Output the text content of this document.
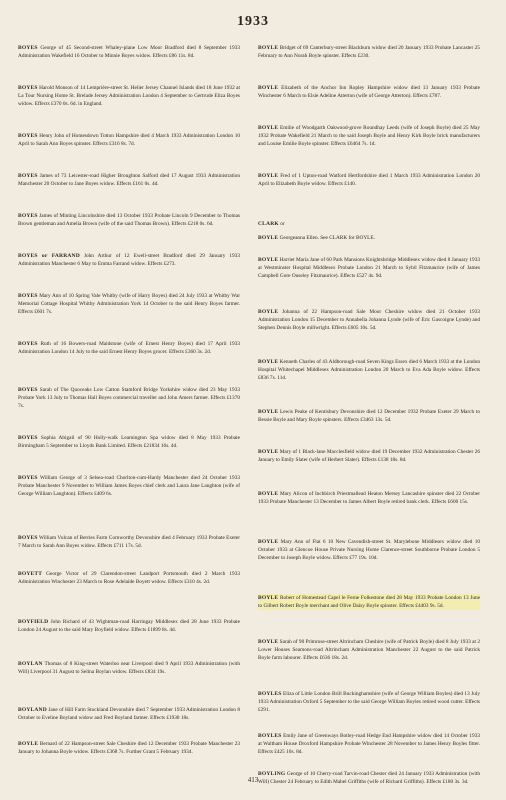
1933
BOYES George of 45 Second-street Whaley-plane Low Moor Bradford died 8 September 1933 Administration Wakefield 16 October to Minnie Boyes widow. Effects £86 11s. 8d.
BOYES Harold Monson of 14 Lemprière-street St. Helier Jersey Channel Islands died 18 June 1932 at La Tour Nursing Home St. Brelade Jersey Administration London 4 September to Gertrude Eliza Boyes widow. Effects £370 0s. 6d. in England.
BOYES Henry John of Homesdown Totton Hampshire died 4 March 1933 Administration London 10 April to Sarah Ann Boyes spinster. Effects £316 8s. 7d.
BOYES James of 73 Leicester-road Higher Broughton Salford died 17 August 1933 Administration Manchester 20 October to Jane Boyes widow. Effects £161 0s. 4d.
BOYES James of Minting Lincolnshire died 13 October 1933 Probate Lincoln 9 December to Thomas Brown gentleman and Amelia Brown (wife of the said Thomas Brown). Effects £218 0s. 6d.
BOYES or FARRAND John Arthur of 12 Ewell-street Bradford died 29 January 1933 Administration Manchester 6 May to Emma Farrand widow. Effects £273.
BOYES Mary Ann of 10 Spring Vale Whitby (wife of Harry Boyes) died 24 July 1933 at Whitby War Memorial Cottage Hospital Whitby Administration York 14 October to the said Henry Boyes farmer. Effects £601 7s.
BOYES Ruth of 16 Bowers-road Maidstone (wife of Ernest Henry Boyes) died 17 April 1933 Administration London 14 July to the said Ernest Henry Boyes grocer. Effects £360 3s. 2d.
BOYES Sarah of The Quoceaks Low Catton Stamford Bridge Yorkshire widow died 23 May 1933 Probate York 13 July to Thomas Hall Boyes commercial traveller and John Amers farmer. Effects £1370 7s.
BOYES Sophia Abigail of 90 Holly-walk Leamington Spa widow died 8 May 1933 Probate Birmingham 5 September to Lloyds Bank Limited. Effects £21834 16s. 4d.
BOYES William George of 3 Selsea-road Chorlton-cum-Hardy Manchester died 24 October 1933 Probate Manchester 9 November to William James Boyes chief clerk and Laura Jane Langhton (wife of George William Langhton). Effects £409 6s.
BOYES William Vulcan of Berries Farm Cornworthy Devonshire died 4 February 1933 Probate Exeter 7 March to Sarah Ann Boyes widow. Effects £711 17s. 5d.
BOYETT George Victor of 29 Clarendon-street Landport Portsmouth died 2 March 1933 Administration Winchester 23 March to Rose Adelaide Boyett widow. Effects £310 4s. 2d.
BOYFIELD John Richard of 43 Wightman-road Harringay Middlesex died 28 June 1933 Probate London 24 August to the said Mary Boyfield widow. Effects £1899 8s. 4d.
BOYLAN Thomas of 8 King-street Waterloo near Liverpool died 9 April 1933 Administration (with Will) Liverpool 31 August to Selina Boylan widow. Effects £834 19s.
BOYLAND Jane of Hill Farm Stockland Devonshire died 7 September 1933 Administration London 8 October to Eveline Boyland widow and Fred Boyland farmer. Effects £1938 18s.
BOYLE Bernard of 22 Hampson-street Sale Cheshire died 12 December 1933 Probate Manchester 23 January to Johanna Boyle widow. Effects £368 7s. Further Grant 5 February 1934.
BOYLE Bridget of 69 Canterbury-street Blackburn widow died 20 January 1933 Probate Lancaster 25 February to Ann Norah Boyle spinster. Effects £230.
BOYLE Elizabeth of the Anchor Inn Ropley Hampshire widow died 13 January 1933 Probate Winchester 6 March to Elsie Adeline Atterton (wife of George Atterton). Effects £787.
BOYLE Emilie of Woodgarth Oakwood-grove Roundhay Leeds (wife of Joseph Boyle) died 25 May 1932 Probate Wakefield 21 March to the said Joseph Boyle and Henry Kirk Boyle brick manufacturers and Louise Emilie Boyle spinster. Effects £6464 7s. 1d.
BOYLE Fred of 1 Upton-road Watford Hertfordshire died 1 March 1933 Administration London 20 April to Elizabeth Boyle widow. Effects £140.
CLARK or
BOYLE Georgeanna Ellen. See CLARK for BOYLE.
BOYLE Harriet Maria Jane of 60 Park Mansions Knightsbridge Middlesex widow died 8 January 1933 at Westminster Hospital Middlesex Probate London 21 March to Sybil Fitzmaurice (wife of James Campbell Gore Ouseley Fitzmaurice). Effects £527 4s. 9d.
BOYLE Johanna of 22 Hampson-road Sale Moor Cheshire widow died 21 October 1933 Administration London 15 December to Annabella Johanna Lynde (wife of Eric Gascoigne Lynde) and Stephen Dennis Boyle millwright. Effects £605 10s. 5d.
BOYLE Kenneth Charles of 43 Aldborough-road Seven Kings Essex died 6 March 1933 at the London Hospital Whitechapel Middlesex Administration London 20 March to Eva Ada Boyle widow. Effects £836 7s. 11d.
BOYLE Lewis Peake of Kentisbury Devonshire died 12 December 1932 Probate Exeter 29 March to Bessie Boyle and Mary Boyle spinsters. Effects £3463 13s. 5d.
BOYLE Mary of 1 Black-lane Macclesfield widow died 19 December 1932 Administration Chester 26 January to Emily Slater (wife of Herbert Slater). Effects £138 18s. 8d.
BOYLE Mary Alicon of Inchbirch Priestmallead Heaton Mersey Lancashire spinster died 22 October 1933 Probate Manchester 13 December to James Albert Boyle retired bank clerk. Effects £600 15s.
BOYLE Mary Ann of Flat 6 10 New Cavendish-street St. Marylebone Middlesex widow died 10 October 1933 at Glencoe House Private Nursing Home Clarence-street Southborne Probate London 5 December to Joseph Boyle widow. Effects £77 19s. 10d.
BOYLE Robert of Homestead Capel le Ferne Folkestone died 28 May 1933 Probate London 13 June to Gilbert Robert Boyle merchant and Olive Daisy Boyle spinster. Effects £4403 9s. 5d.
BOYLE Sarah of 90 Primrose-street Altrincham Cheshire (wife of Patrick Boyle) died 8 July 1933 at 2 Lower Houses Seamons-road Altrincham Administration Manchester 22 August to the said Patrick Boyle farm labourer. Effects £636 18s. 2d.
BOYLES Eliza of Little London Brill Buckinghamshire (wife of George William Boyles) died 13 July 1933 Administration Oxford 5 September to the said George William Boyles retired wood cutter. Effects £291.
BOYLES Emily Jane of Greenways Botley-road Hedge End Hampshire widow died 14 October 1933 at Waltham House Droxford Hampshire Probate Winchester 28 November to James Henry Boyles fitter. Effects £425 10s. 8d.
BOYLING George of 10 Cherry-road Tarvin-road Chester died 24 January 1933 Administration (with Will) Chester 24 February to Edith Mabel Griffiths (wife of Richard Griffiths). Effects £180 3s. 3d.
413
